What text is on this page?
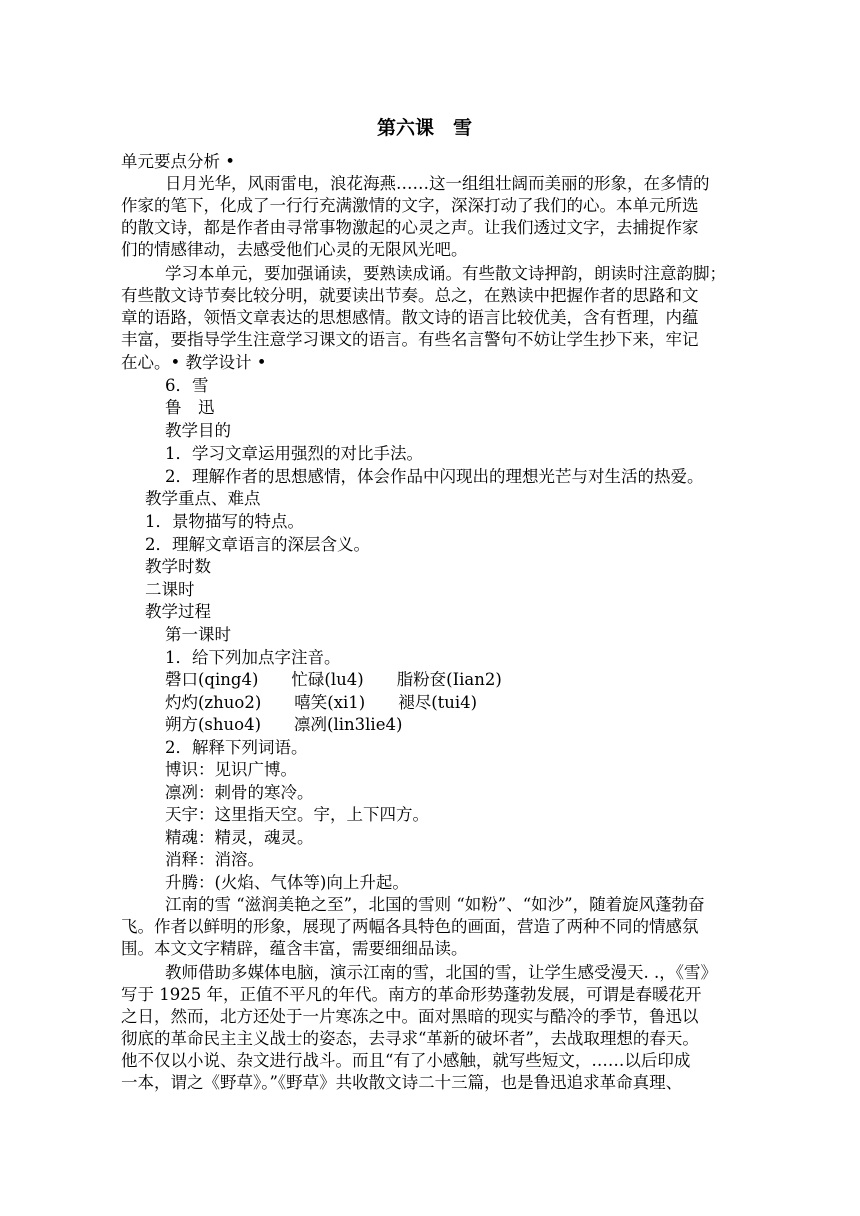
第六课　雪
单元要点分析 •
日月光华，风雨雷电，浪花海燕……这一组组壮阔而美丽的形象，在多情的
作家的笔下，化成了一行行充满激情的文字，深深打动了我们的心。本单元所选
的散文诗，都是作者由寻常事物激起的心灵之声。让我们透过文字，去捕捉作家
们的情感律动，去感受他们心灵的无限风光吧。
学习本单元，要加强诵读，要熟读成诵。有些散文诗押韵，朗读时注意韵脚；
有些散文诗节奏比较分明，就要读出节奏。总之，在熟读中把握作者的思路和文
章的语路，领悟文章表达的思想感情。散文诗的语言比较优美，含有哲理，内蕴
丰富，要指导学生注意学习课文的语言。有些名言警句不妨让学生抄下来，牢记
在心。• 教学设计 •
6．雪
鲁　迅
教学目的
1．学习文章运用强烈的对比手法。
2．理解作者的思想感情，体会作品中闪现出的理想光芒与对生活的热爱。
教学重点、难点
1．景物描写的特点。
2．理解文章语言的深层含义。
教学时数
二课时
教学过程
第一课时
1．给下列加点字注音。
磬口(qing4)　　忙碌(lu4)　　脂粉奁(Iian2)
灼灼(zhuo2)　　嘻笑(xi1)　　褪尽(tui4)
朔方(shuo4)　　凛冽(lin3lie4)
2．解释下列词语。
博识：见识广博。
凛冽：刺骨的寒冷。
天宇：这里指天空。宇，上下四方。
精魂：精灵，魂灵。
消释：消溶。
升腾：(火焰、气体等)向上升起。
江南的雪 “滋润美艳之至”，北国的雪则 “如粉”、“如沙”，随着旋风蓬勃奋
飞。作者以鲜明的形象，展现了两幅各具特色的画面，营造了两种不同的情感氛
围。本文文字精辟，蕴含丰富，需要细细品读。
教师借助多媒体电脑，演示江南的雪，北国的雪，让学生感受漫天. .，《雪》
写于 1925 年，正值不平凡的年代。南方的革命形势蓬勃发展，可谓是春暖花开
之日，然而，北方还处于一片寒冻之中。面对黑暗的现实与酷冷的季节，鲁迅以
彻底的革命民主主义战士的姿态，去寻求“革新的破坏者”，去战取理想的春天。
他不仅以小说、杂文进行战斗。而且“有了小感触，就写些短文，……以后印成
一本，谓之《野草》。”《野草》共收散文诗二十三篇，也是鲁迅追求革命真理、
